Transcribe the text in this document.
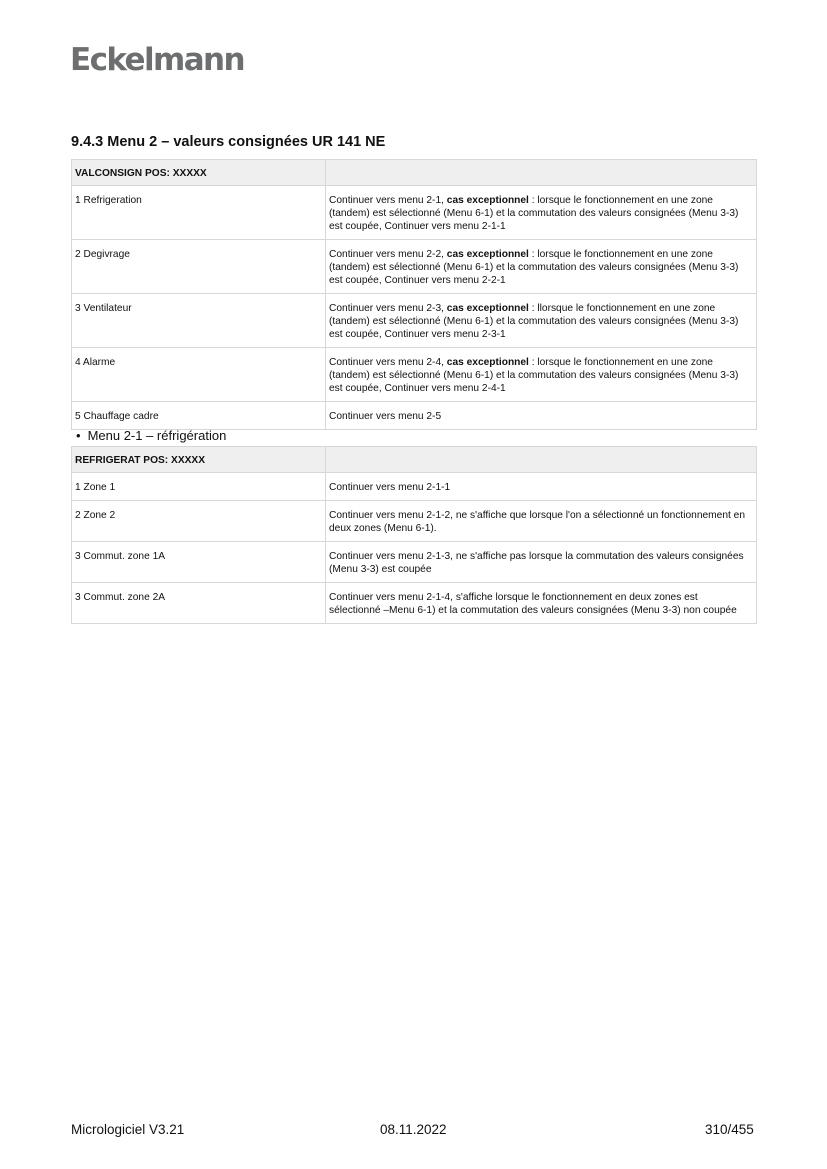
Eckelmann
9.4.3 Menu 2 – valeurs consignées UR 141 NE
VALCONSIGN POS: XXXXX	
1 Refrigeration	Continuer vers menu 2-1, cas exceptionnel : lorsque le fonctionnement en une zone (tandem) est sélectionné (Menu 6-1) et la commutation des valeurs consignées (Menu 3-3) est coupée, Continuer vers menu 2-1-1
2 Degivrage	Continuer vers menu 2-2, cas exceptionnel : lorsque le fonctionnement en une zone (tandem) est sélectionné (Menu 6-1) et la commutation des valeurs consignées (Menu 3-3) est coupée, Continuer vers menu 2-2-1
3 Ventilateur	Continuer vers menu 2-3, cas exceptionnel : llorsque le fonctionnement en une zone (tandem) est sélectionné (Menu 6-1) et la commutation des valeurs consignées (Menu 3-3) est coupée, Continuer vers menu 2-3-1
4 Alarme	Continuer vers menu 2-4, cas exceptionnel : lorsque le fonctionnement en une zone (tandem) est sélectionné (Menu 6-1) et la commutation des valeurs consignées (Menu 3-3) est coupée, Continuer vers menu 2-4-1
5 Chauffage cadre	Continuer vers menu 2-5
• Menu 2-1 – réfrigération
REFRIGERAT POS: XXXXX	
1 Zone 1	Continuer vers menu 2-1-1
2 Zone 2	Continuer vers menu 2-1-2, ne s'affiche que lorsque l'on a sélectionné un fonctionnement en deux zones (Menu 6-1).
3 Commut. zone 1A	Continuer vers menu 2-1-3, ne s'affiche pas lorsque la commutation des valeurs consignées (Menu 3-3) est coupée
3 Commut. zone 2A	Continuer vers menu 2-1-4, s'affiche lorsque le fonctionnement en deux zones est sélectionné –Menu 6-1) et la commutation des valeurs consignées (Menu 3-3) non coupée
Micrologiciel V3.21	08.11.2022	310/455
